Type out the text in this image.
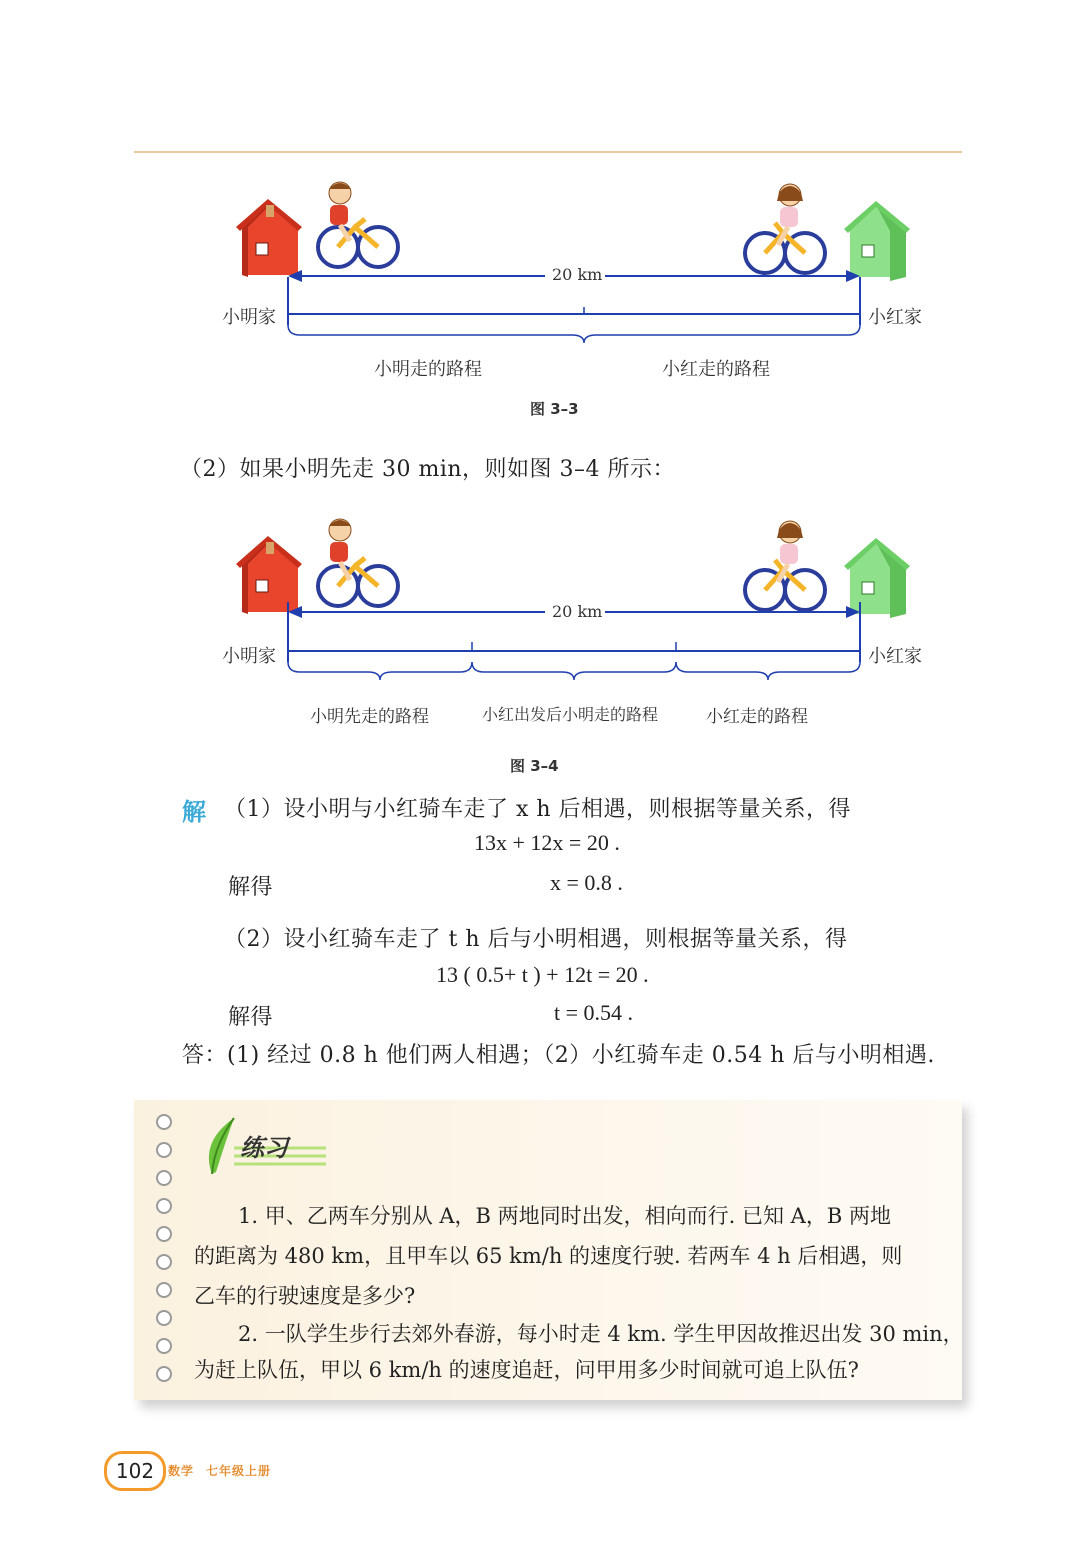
20 km
小明家	小红家
小明走的路程	小红走的路程
图 3–3
（2）如果小明先走 30 min，则如图 3–4 所示：
20 km
小明家	小红家
小明先走的路程	小红出发后小明走的路程	小红走的路程
图 3–4
解 （1）设小明与小红骑车走了 x h 后相遇，则根据等量关系，得
13x + 12x = 20 .
解得	x = 0.8 .
（2）设小红骑车走了 t h 后与小明相遇，则根据等量关系，得
13 ( 0.5+ t ) + 12t = 20 .
解得	t = 0.54 .
答：(1) 经过 0.8 h 他们两人相遇；（2）小红骑车走 0.54 h 后与小明相遇.
练习
1. 甲、乙两车分别从 A，B 两地同时出发，相向而行. 已知 A，B 两地
的距离为 480 km，且甲车以 65 km/h 的速度行驶. 若两车 4 h 后相遇，则
乙车的行驶速度是多少?
2. 一队学生步行去郊外春游，每小时走 4 km. 学生甲因故推迟出发 30 min，
为赶上队伍，甲以 6 km/h 的速度追赶，问甲用多少时间就可追上队伍?
102	数学 七年级上册
